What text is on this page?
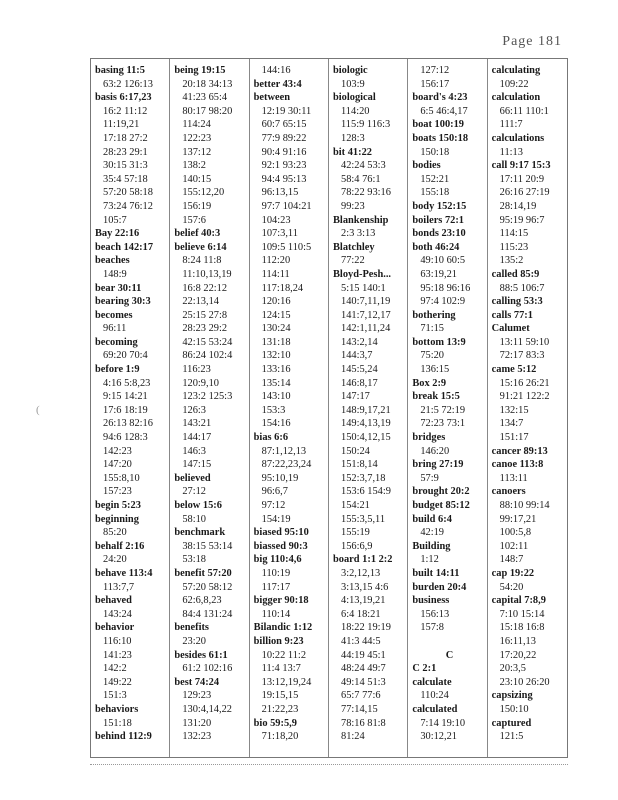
Page 181
(
basing 11:5
63:2 126:13
basis 6:17,23
16:2 11:12
11:19,21
17:18 27:2
28:23 29:1
30:15 31:3
35:4 57:18
57:20 58:18
73:24 76:12
105:7
Bay 22:16
beach 142:17
beaches
148:9
bear 30:11
bearing 30:3
becomes
96:11
becoming
69:20 70:4
before 1:9
4:16 5:8,23
9:15 14:21
17:6 18:19
26:13 82:16
94:6 128:3
142:23
147:20
155:8,10
157:23
begin 5:23
beginning
85:20
behalf 2:16
24:20
behave 113:4
113:7,7
behaved
143:24
behavior
116:10
141:23
142:2
149:22
151:3
behaviors
151:18
behind 112:9
being 19:15
20:18 34:13
41:23 65:4
80:17 98:20
114:24
122:23
137:12
138:2
140:15
155:12,20
156:19
157:6
belief 40:3
believe 6:14
8:24 11:8
11:10,13,19
16:8 22:12
22:13,14
25:15 27:8
28:23 29:2
42:15 53:24
86:24 102:4
116:23
120:9,10
123:2 125:3
126:3
143:21
144:17
146:3
147:15
believed
27:12
below 15:6
58:10
benchmark
38:15 53:14
53:18
benefit 57:20
57:20 58:12
62:6,8,23
84:4 131:24
benefits
23:20
besides 61:1
61:2 102:16
best 74:24
129:23
130:4,14,22
131:20
132:23
144:16
better 43:4
between
12:19 30:11
60:7 65:15
77:9 89:22
90:4 91:16
92:1 93:23
94:4 95:13
96:13,15
97:7 104:21
104:23
107:3,11
109:5 110:5
112:20
114:11
117:18,24
120:16
124:15
130:24
131:18
132:10
133:16
135:14
143:10
153:3
154:16
bias 6:6
87:1,12,13
87:22,23,24
95:10,19
96:6,7
97:12
154:19
biased 95:10
biassed 90:3
big 110:4,6
110:19
117:17
bigger 90:18
110:14
Bilandic 1:12
billion 9:23
10:22 11:2
11:4 13:7
13:12,19,24
19:15,15
21:22,23
bio 59:5,9
71:18,20
biologic
103:9
biological
114:20
115:9 116:3
128:3
bit 41:22
42:24 53:3
58:4 76:1
78:22 93:16
99:23
Blankenship
2:3 3:13
Blatchley
77:22
Bloyd-Pesh...
5:15 140:1
140:7,11,19
141:7,12,17
142:1,11,24
143:2,14
144:3,7
145:5,24
146:8,17
147:17
148:9,17,21
149:4,13,19
150:4,12,15
150:24
151:8,14
152:3,7,18
153:6 154:9
154:21
155:3,5,11
155:19
156:6,9
board 1:1 2:2
3:2,12,13
3:13,15 4:6
4:13,19,21
6:4 18:21
18:22 19:19
41:3 44:5
44:19 45:1
48:24 49:7
49:14 51:3
65:7 77:6
77:14,15
78:16 81:8
81:24
127:12
156:17
board's 4:23
6:5 46:4,17
boat 100:19
boats 150:18
150:18
bodies
152:21
155:18
body 152:15
boilers 72:1
bonds 23:10
both 46:24
49:10 60:5
63:19,21
95:18 96:16
97:4 102:9
bothering
71:15
bottom 13:9
75:20
136:15
Box 2:9
break 15:5
21:5 72:19
72:23 73:1
bridges
146:20
bring 27:19
57:9
brought 20:2
budget 85:12
build 6:4
42:19
Building
1:12
built 14:11
burden 20:4
business
156:13
157:8
C
C 2:1
calculate
110:24
calculated
7:14 19:10
30:12,21
calculating
109:22
calculation
66:11 110:1
111:7
calculations
11:13
call 9:17 15:3
17:11 20:9
26:16 27:19
28:14,19
95:19 96:7
114:15
115:23
135:2
called 85:9
88:5 106:7
calling 53:3
calls 77:1
Calumet
13:11 59:10
72:17 83:3
came 5:12
15:16 26:21
91:21 122:2
132:15
134:7
151:17
cancer 89:13
canoe 113:8
113:11
canoers
88:10 99:14
99:17,21
100:5,8
102:11
148:7
cap 19:22
54:20
capital 7:8,9
7:10 15:14
15:18 16:8
16:11,13
17:20,22
20:3,5
23:10 26:20
capsizing
150:10
captured
121:5
